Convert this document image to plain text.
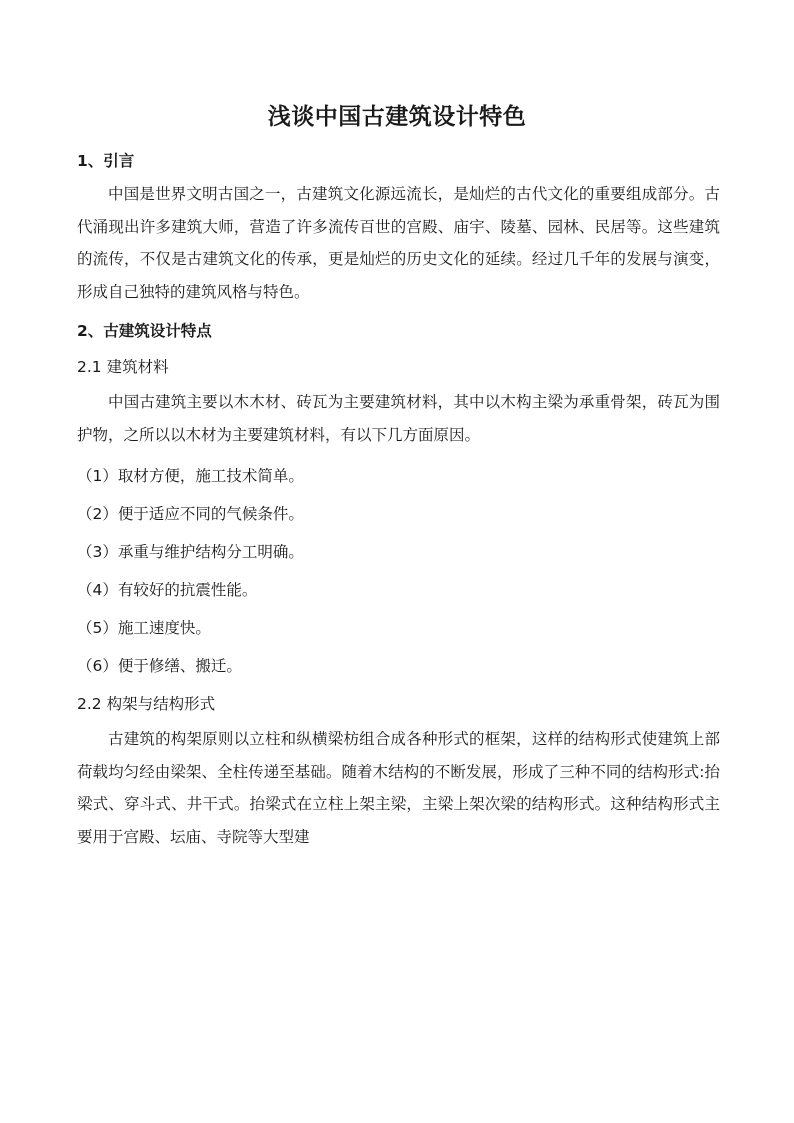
浅谈中国古建筑设计特色

1、引言

中国是世界文明古国之一，古建筑文化源远流长，是灿烂的古代文化的重要组成部分。古代涌现出许多建筑大师，营造了许多流传百世的宫殿、庙宇、陵墓、园林、民居等。这些建筑的流传，不仅是古建筑文化的传承，更是灿烂的历史文化的延续。经过几千年的发展与演变，形成自己独特的建筑风格与特色。

2、古建筑设计特点

2.1 建筑材料

中国古建筑主要以木木材、砖瓦为主要建筑材料，其中以木构主梁为承重骨架，砖瓦为围护物，之所以以木材为主要建筑材料，有以下几方面原因。

（1）取材方便，施工技术简单。

（2）便于适应不同的气候条件。

（3）承重与维护结构分工明确。

（4）有较好的抗震性能。

（5）施工速度快。

（6）便于修缮、搬迁。

2.2 构架与结构形式

古建筑的构架原则以立柱和纵横梁枋组合成各种形式的框架，这样的结构形式使建筑上部荷载均匀经由梁架、全柱传递至基础。随着木结构的不断发展，形成了三种不同的结构形式:抬梁式、穿斗式、井干式。抬梁式在立柱上架主梁，主梁上架次梁的结构形式。这种结构形式主要用于宫殿、坛庙、寺院等大型建
